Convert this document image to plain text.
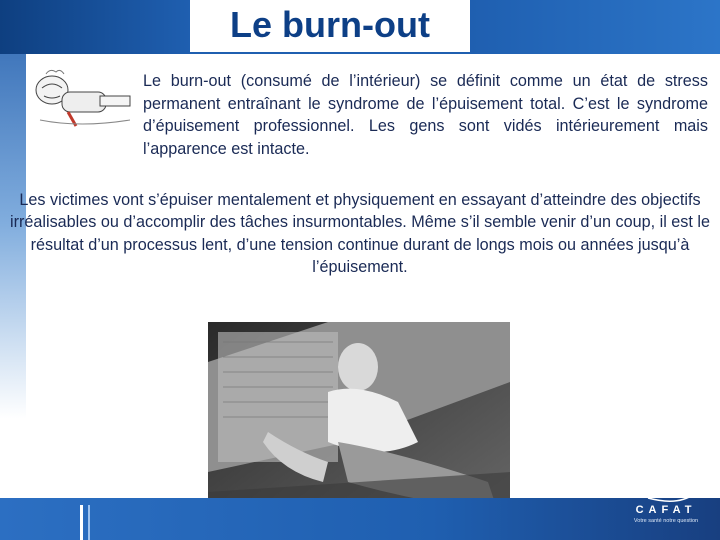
Le burn-out
Le burn-out (consumé de l’intérieur) se définit comme un état de stress permanent entraînant le syndrome de l’épuisement total. C’est le syndrome d’épuisement professionnel. Les gens sont vidés intérieurement mais l’apparence est intacte.
Les victimes vont s’épuiser mentalement et physiquement en essayant d’atteindre des objectifs irréalisables ou d’accomplir des tâches insurmontables. Même s’il semble venir d’un coup, il est le résultat d’un processus lent, d’une tension continue durant de longs mois ou années jusqu’à l’épuisement.
CAFAT
Votre santé notre question
